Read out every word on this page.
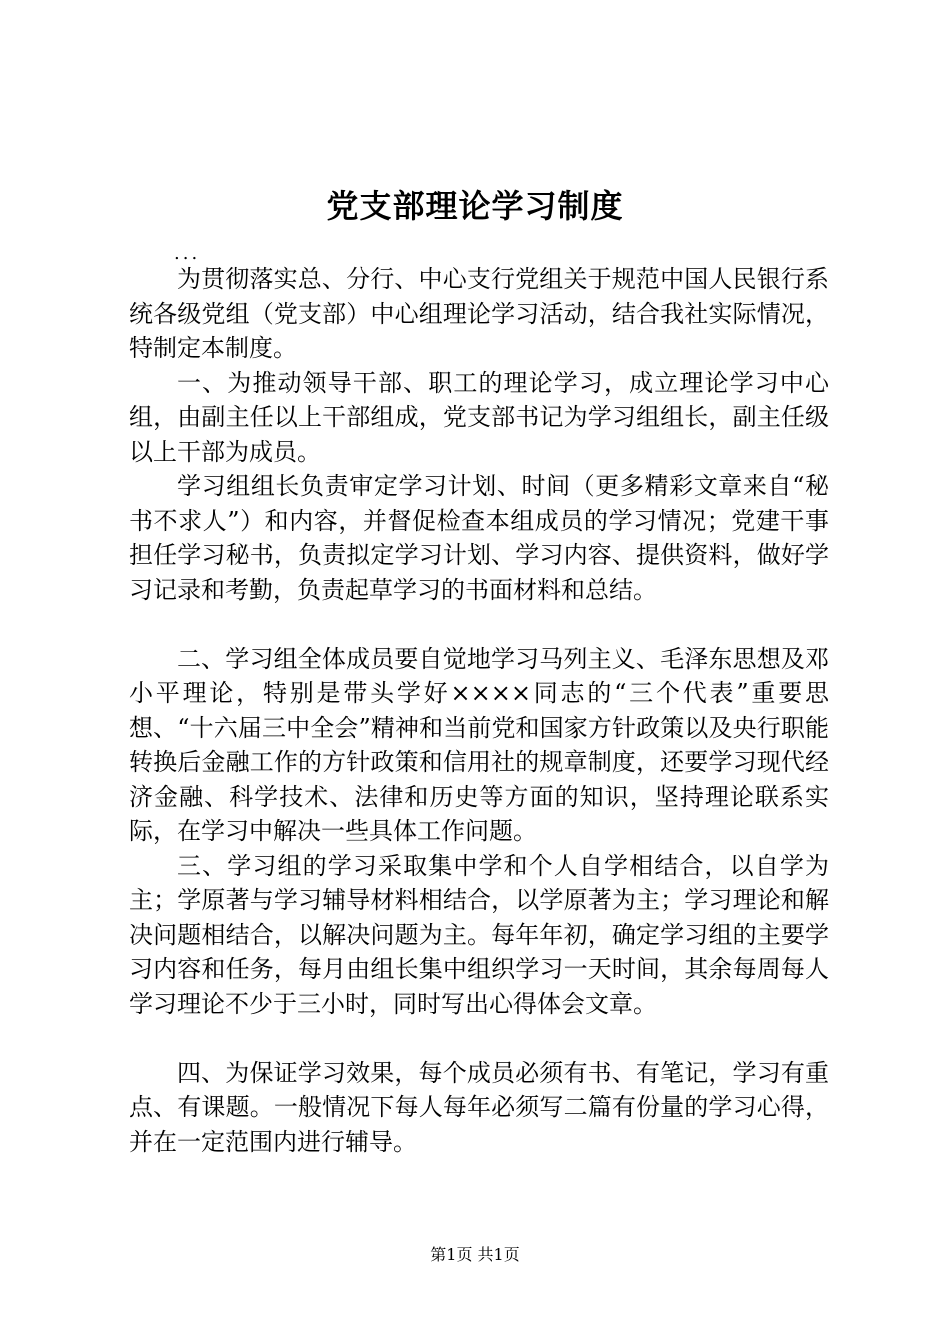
党支部理论学习制度
...

为贯彻落实总、分行、中心支行党组关于规范中国人民银行系统各级党组（党支部）中心组理论学习活动，结合我社实际情况，特制定本制度。

一、为推动领导干部、职工的理论学习，成立理论学习中心组，由副主任以上干部组成，党支部书记为学习组组长，副主任级以上干部为成员。

学习组组长负责审定学习计划、时间（更多精彩文章来自“秘书不求人”）和内容，并督促检查本组成员的学习情况；党建干事担任学习秘书，负责拟定学习计划、学习内容、提供资料，做好学习记录和考勤，负责起草学习的书面材料和总结。

二、学习组全体成员要自觉地学习马列主义、毛泽东思想及邓小平理论，特别是带头学好××××同志的“三个代表”重要思想、“十六届三中全会”精神和当前党和国家方针政策以及央行职能转换后金融工作的方针政策和信用社的规章制度，还要学习现代经济金融、科学技术、法律和历史等方面的知识，坚持理论联系实际，在学习中解决一些具体工作问题。

三、学习组的学习采取集中学和个人自学相结合，以自学为主；学原著与学习辅导材料相结合，以学原著为主；学习理论和解决问题相结合，以解决问题为主。每年年初，确定学习组的主要学习内容和任务，每月由组长集中组织学习一天时间，其余每周每人学习理论不少于三小时，同时写出心得体会文章。

四、为保证学习效果，每个成员必须有书、有笔记，学习有重点、有课题。一般情况下每人每年必须写二篇有份量的学习心得，并在一定范围内进行辅导。

第1页 共1页
